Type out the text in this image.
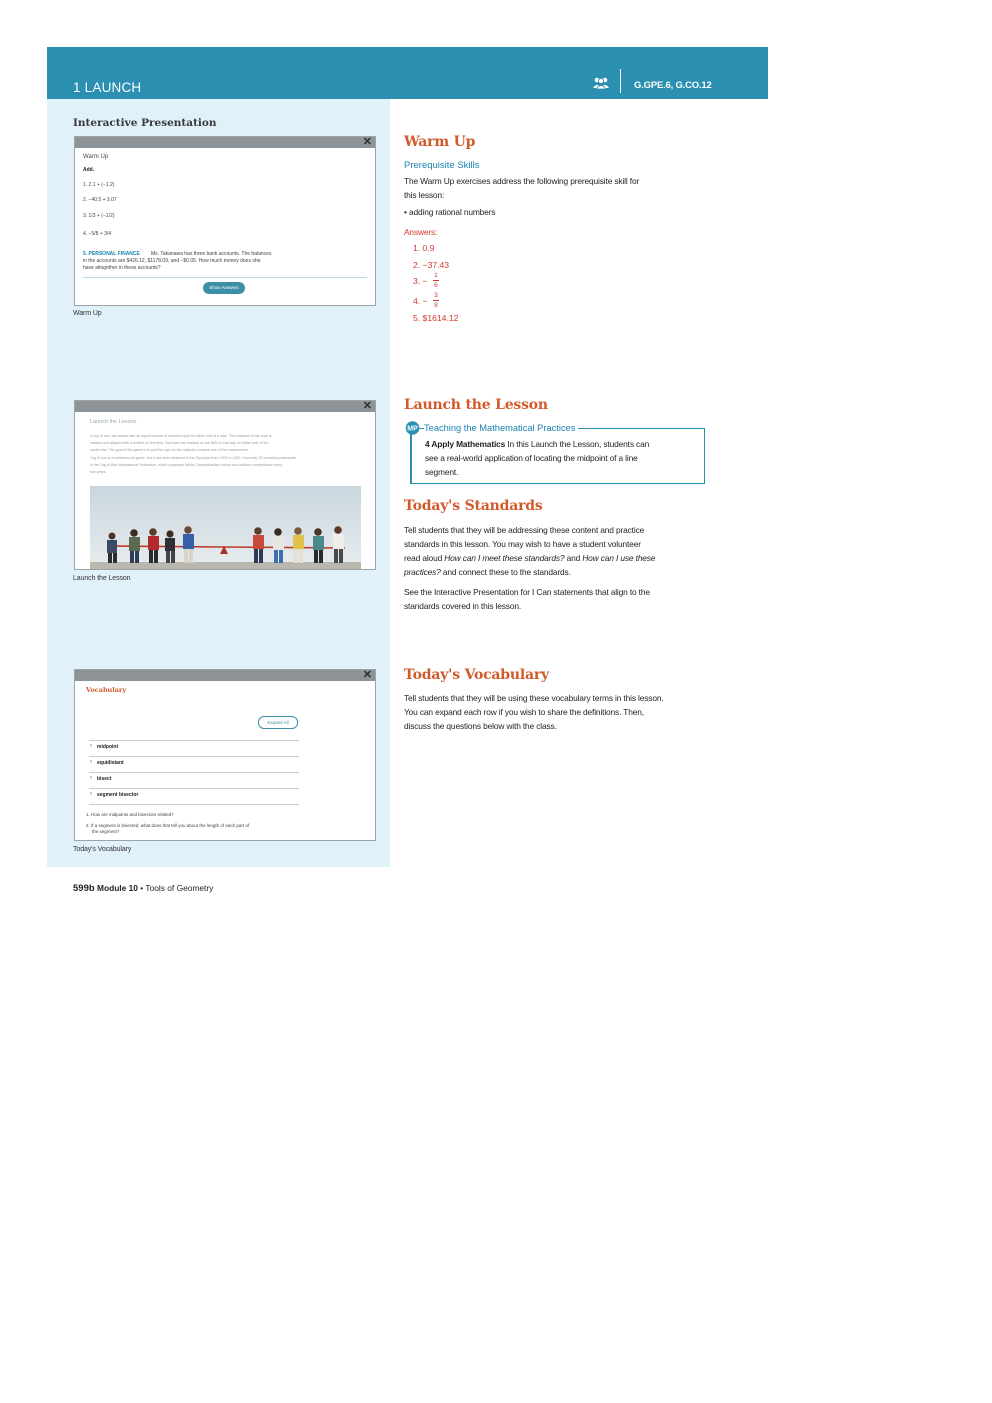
1 LAUNCH	G.GPE.6, G.CO.12
Interactive Presentation
✕
Warm Up
Add.
1. 2.1 + (−1.2)
2. −40.5 + 3.07
3. 1/3 + (−1/2)
4. −5/8 + 3/4
5. PERSONAL FINANCE Ms. Takanawa has three bank accounts. The balances
in the accounts are $426.12, $1178.09, and −$0.05. How much money does she
have altogether in these accounts?
Show Answers
Warm Up
✕
Launch the Lesson
In tug of war, two teams with an equal number of members pull on either end of a rope. The midpoint of the rope is
marked and aligned with a midline on the field. Two lines are marked on the field to that way on either side of the
center line. The goal of the game is to pull the rope so the midpoint crosses one of the marked lines.
Tug of war is a centuries-old game, but it has been featured in the Olympics from 1900 to 1920. Currently, 53 countries participate
in the Tug of War International Federation, which organizes World Championships indoor and outdoor competitions every
two years.
Launch the Lesson
✕
Vocabulary
Expand All
› midpoint
› equidistant
› bisect
› segment bisector
1. How are midpoints and bisectors related?
2. If a segment is bisected, what does that tell you about the length of each part of
the segment?
Today's Vocabulary
Warm Up
Prerequisite Skills
The Warm Up exercises address the following prerequisite skill for
this lesson:
• adding rational numbers
Answers:
1. 0.9
2. −37.43
3. −
1
6
4. −
3
8
5. $1614.12
Launch the Lesson
MP Teaching the Mathematical Practices
4 Apply Mathematics In this Launch the Lesson, students can
see a real-world application of locating the midpoint of a line
segment.
Today's Standards
Tell students that they will be addressing these content and practice
standards in this lesson. You may wish to have a student volunteer
read aloud How can I meet these standards? and How can I use these
practices? and connect these to the standards.
See the Interactive Presentation for I Can statements that align to the
standards covered in this lesson.
Today's Vocabulary
Tell students that they will be using these vocabulary terms in this lesson.
You can expand each row if you wish to share the definitions. Then,
discuss the questions below with the class.
599b Module 10 • Tools of Geometry
